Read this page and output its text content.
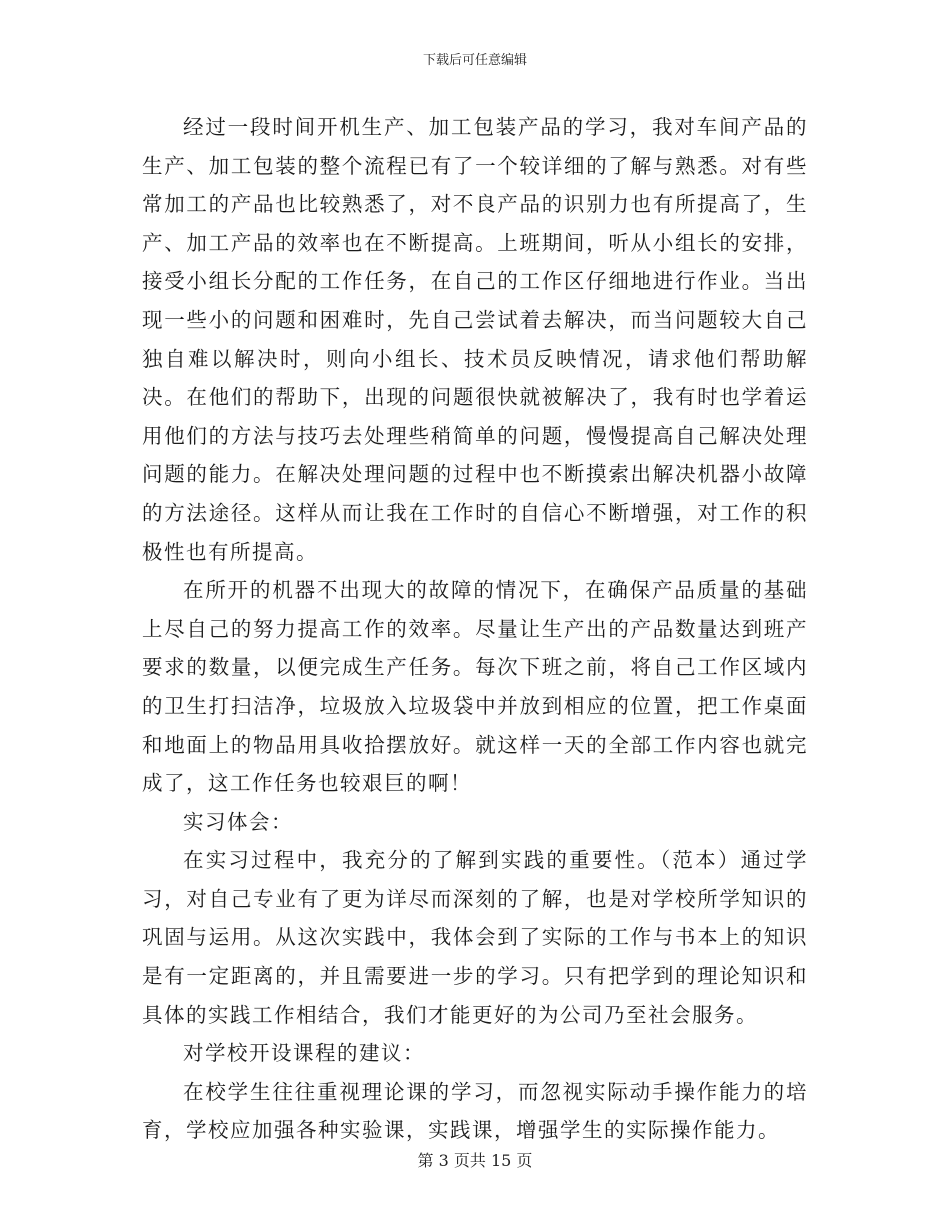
下载后可任意编辑

经过一段时间开机生产、加工包装产品的学习，我对车间产品的生产、加工包装的整个流程已有了一个较详细的了解与熟悉。对有些常加工的产品也比较熟悉了，对不良产品的识别力也有所提高了，生产、加工产品的效率也在不断提高。上班期间，听从小组长的安排，接受小组长分配的工作任务，在自己的工作区仔细地进行作业。当出现一些小的问题和困难时，先自己尝试着去解决，而当问题较大自己独自难以解决时，则向小组长、技术员反映情况，请求他们帮助解决。在他们的帮助下，出现的问题很快就被解决了，我有时也学着运用他们的方法与技巧去处理些稍简单的问题，慢慢提高自己解决处理问题的能力。在解决处理问题的过程中也不断摸索出解决机器小故障的方法途径。这样从而让我在工作时的自信心不断增强，对工作的积极性也有所提高。

在所开的机器不出现大的故障的情况下，在确保产品质量的基础上尽自己的努力提高工作的效率。尽量让生产出的产品数量达到班产要求的数量，以便完成生产任务。每次下班之前，将自己工作区域内的卫生打扫洁净，垃圾放入垃圾袋中并放到相应的位置，把工作桌面和地面上的物品用具收拾摆放好。就这样一天的全部工作内容也就完成了，这工作任务也较艰巨的啊！

实习体会：

在实习过程中，我充分的了解到实践的重要性。（范本）通过学习，对自己专业有了更为详尽而深刻的了解，也是对学校所学知识的巩固与运用。从这次实践中，我体会到了实际的工作与书本上的知识是有一定距离的，并且需要进一步的学习。只有把学到的理论知识和具体的实践工作相结合，我们才能更好的为公司乃至社会服务。

对学校开设课程的建议：

在校学生往往重视理论课的学习，而忽视实际动手操作能力的培育，学校应加强各种实验课，实践课，增强学生的实际操作能力。

第 3 页共 15 页
